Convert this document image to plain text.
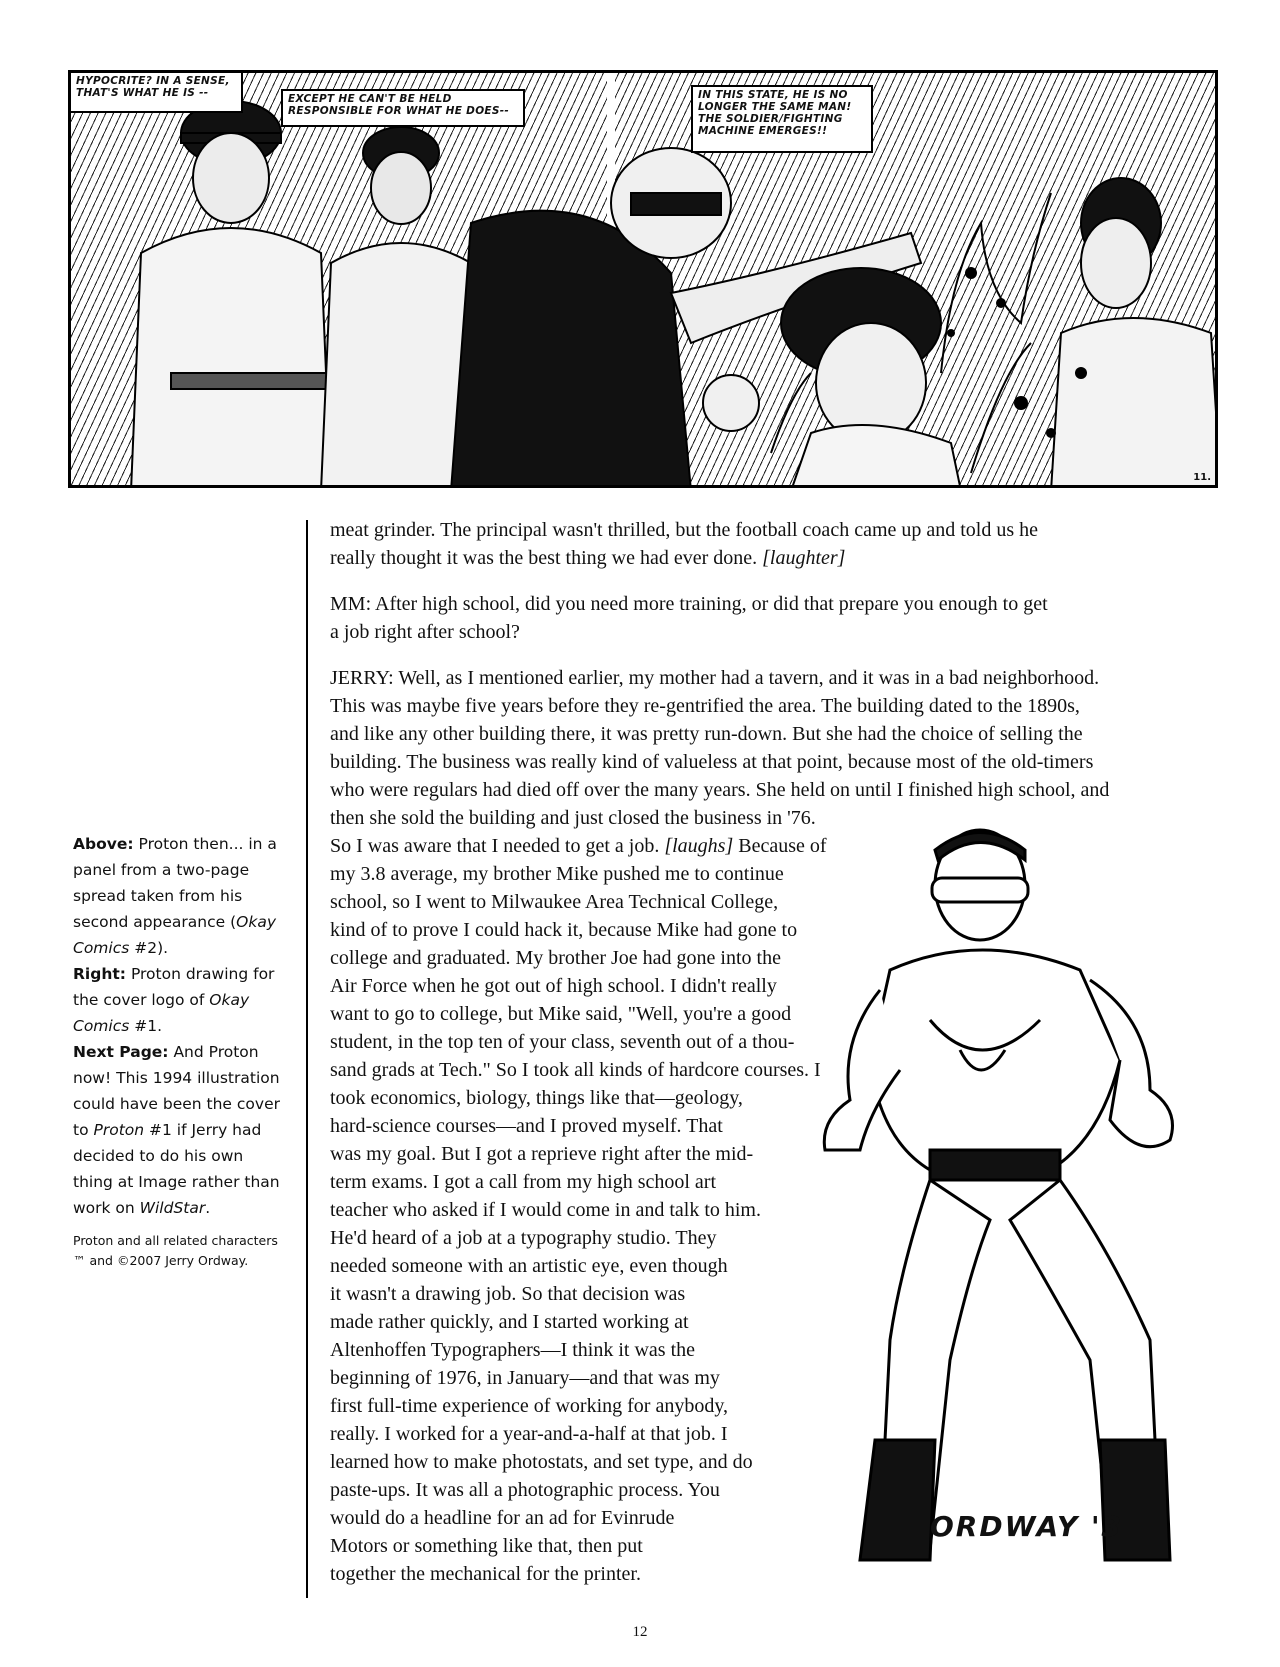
HYPOCRITE? IN A SENSE, THAT'S WHAT HE IS --	EXCEPT HE CAN'T BE HELD RESPONSIBLE FOR WHAT HE DOES--
IN THIS STATE, HE IS NO LONGER THE SAME MAN! THE SOLDIER/FIGHTING MACHINE EMERGES!!
11.
Above: Proton then... in a panel from a two-page spread taken from his second appearance (Okay Comics #2).
Right: Proton drawing for the cover logo of Okay Comics #1.
Next Page: And Proton now! This 1994 illustration could have been the cover to Proton #1 if Jerry had decided to do his own thing at Image rather than work on WildStar.
Proton and all related characters ™ and ©2007 Jerry Ordway.

meat grinder. The principal wasn't thrilled, but the football coach came up and told us he
really thought it was the best thing we had ever done. [laughter]

MM: After high school, did you need more training, or did that prepare you enough to get
a job right after school?

JERRY: Well, as I mentioned earlier, my mother had a tavern, and it was in a bad neighborhood.
This was maybe five years before they re-gentrified the area. The building dated to the 1890s,
and like any other building there, it was pretty run-down. But she had the choice of selling the
building. The business was really kind of valueless at that point, because most of the old-timers
who were regulars had died off over the many years. She held on until I finished high school, and
then she sold the building and just closed the business in '76.
So I was aware that I needed to get a job. [laughs] Because of
my 3.8 average, my brother Mike pushed me to continue
school, so I went to Milwaukee Area Technical College,
kind of to prove I could hack it, because Mike had gone to
college and graduated. My brother Joe had gone into the
Air Force when he got out of high school. I didn't really
want to go to college, but Mike said, "Well, you're a good
student, in the top ten of your class, seventh out of a thou-
sand grads at Tech." So I took all kinds of hardcore courses. I
took economics, biology, things like that—geology,
hard-science courses—and I proved myself. That
was my goal. But I got a reprieve right after the mid-
term exams. I got a call from my high school art
teacher who asked if I would come in and talk to him.
He'd heard of a job at a typography studio. They
needed someone with an artistic eye, even though
it wasn't a drawing job. So that decision was
made rather quickly, and I started working at
Altenhoffen Typographers—I think it was the
beginning of 1976, in January—and that was my
first full-time experience of working for anybody,
really. I worked for a year-and-a-half at that job. I
learned how to make photostats, and set type, and do
paste-ups. It was all a photographic process. You
would do a headline for an ad for Evinrude
Motors or something like that, then put
together the mechanical for the printer.

ORDWAY '3
12
